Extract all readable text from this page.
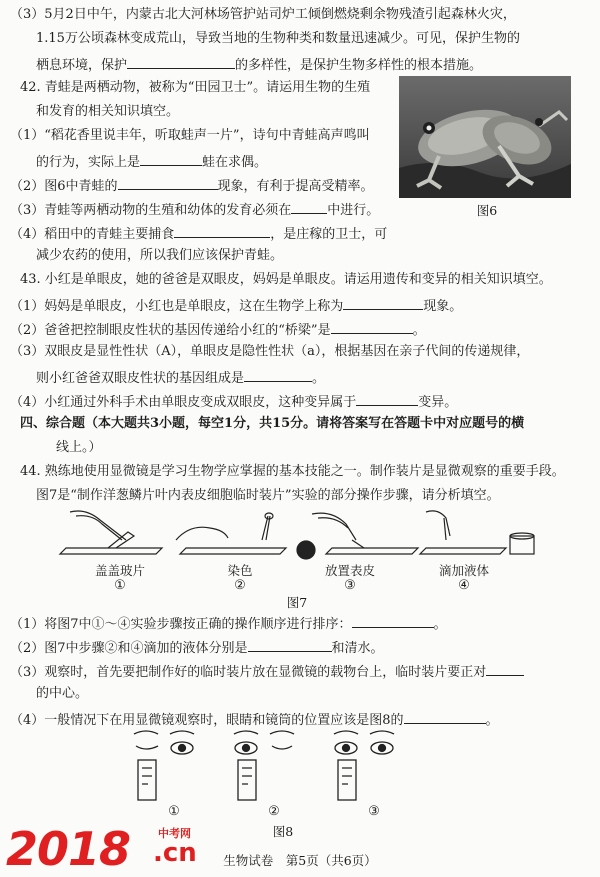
（3）5月2日中午，内蒙古北大河林场管护站司炉工倾倒燃烧剩余物残渣引起森林火灾，
1.15万公顷森林变成荒山，导致当地的生物种类和数量迅速减少。可见，保护生物的
栖息环境，保护	的多样性，是保护生物多样性的根本措施。
42. 青蛙是两栖动物，被称为“田园卫士”。请运用生物的生殖
和发育的相关知识填空。
（1）“稻花香里说丰年，听取蛙声一片”，诗句中青蛙高声鸣叫
的行为，实际上是	蛙在求偶。
（2）图6中青蛙的	现象，有利于提高受精率。
（3）青蛙等两栖动物的生殖和幼体的发育必须在	中进行。
（4）稻田中的青蛙主要捕食	，是庄稼的卫士，可
减少农药的使用，所以我们应该保护青蛙。
图6
43. 小红是单眼皮，她的爸爸是双眼皮，妈妈是单眼皮。请运用遗传和变异的相关知识填空。
（1）妈妈是单眼皮，小红也是单眼皮，这在生物学上称为	现象。
（2）爸爸把控制眼皮性状的基因传递给小红的“桥梁”是	。
（3）双眼皮是显性性状（A），单眼皮是隐性性状（a），根据基因在亲子代间的传递规律，
则小红爸爸双眼皮性状的基因组成是	。
（4）小红通过外科手术由单眼皮变成双眼皮，这种变异属于	变异。
四、综合题（本大题共3小题，每空1分，共15分。请将答案写在答题卡中对应题号的横
线上。）
44. 熟练地使用显微镜是学习生物学应掌握的基本技能之一。制作装片是显微观察的重要手段。
图7是“制作洋葱鳞片叶内表皮细胞临时装片”实验的部分操作步骤，请分析填空。
盖盖玻片	染色	放置表皮	滴加液体
①	②	③	④
图7
（1）将图7中①～④实验步骤按正确的操作顺序进行排序：	。
（2）图7中步骤②和④滴加的液体分别是	和清水。
（3）观察时，首先要把制作好的临时装片放在显微镜的载物台上，临时装片要正对
的中心。
（4）一般情况下在用显微镜观察时，眼睛和镜筒的位置应该是图8的	。
①	②	③
图8
2018	中考网
.cn	生物试卷　第5页（共6页）
